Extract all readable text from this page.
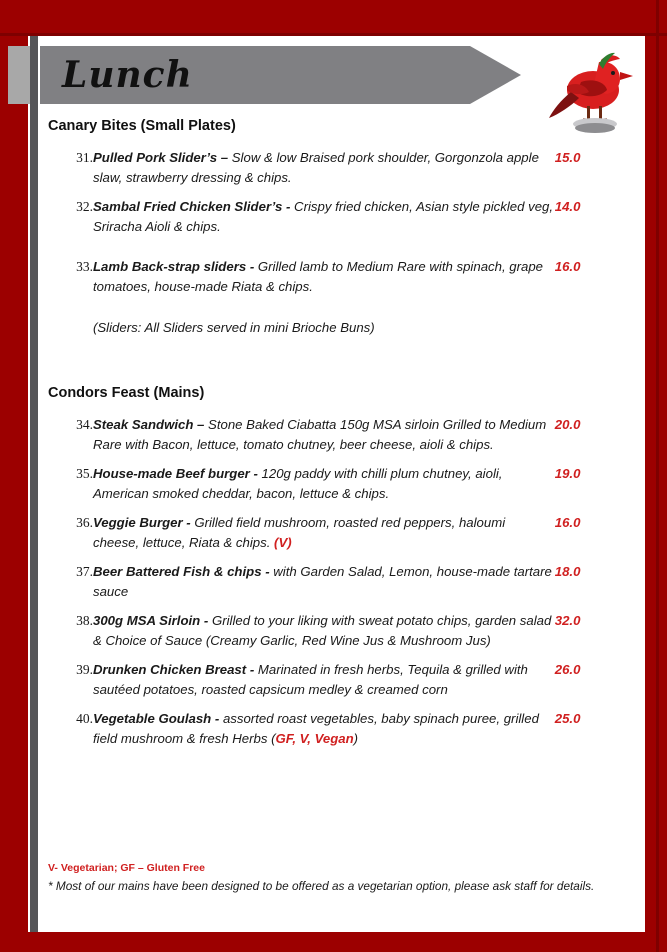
Lunch
Canary Bites (Small Plates)
31.	Pulled Pork Slider’s – Slow & low Braised pork shoulder, Gorgonzola apple slaw, strawberry dressing & chips.	15.0
32.	Sambal Fried Chicken Slider’s - Crispy fried chicken, Asian style pickled veg, Sriracha Aioli & chips.	14.0
33.	Lamb Back-strap sliders - Grilled lamb to Medium Rare with spinach, grape tomatoes, house-made Riata & chips.	16.0
	(Sliders: All Sliders served in mini Brioche Buns)	
Condors Feast (Mains)
34.	Steak Sandwich – Stone Baked Ciabatta 150g MSA sirloin Grilled to Medium Rare with Bacon, lettuce, tomato chutney, beer cheese, aioli & chips.	20.0
35.	House-made Beef burger - 120g paddy with chilli plum chutney, aioli, American smoked cheddar, bacon, lettuce & chips.	19.0
36.	Veggie Burger - Grilled field mushroom, roasted red peppers, haloumi cheese, lettuce, Riata & chips. (V)	16.0
37.	Beer Battered Fish & chips - with Garden Salad, Lemon, house-made tartare sauce	18.0
38.	300g MSA Sirloin - Grilled to your liking with sweat potato chips, garden salad & Choice of Sauce (Creamy Garlic, Red Wine Jus & Mushroom Jus)	32.0
39.	Drunken Chicken Breast - Marinated in fresh herbs, Tequila & grilled with sautéed potatoes, roasted capsicum medley & creamed corn	26.0
40.	Vegetable Goulash - assorted roast vegetables, baby spinach puree, grilled field mushroom & fresh Herbs (GF, V, Vegan)	25.0
V- Vegetarian; GF – Gluten Free
* Most of our mains have been designed to be offered as a vegetarian option, please ask staff for details.
